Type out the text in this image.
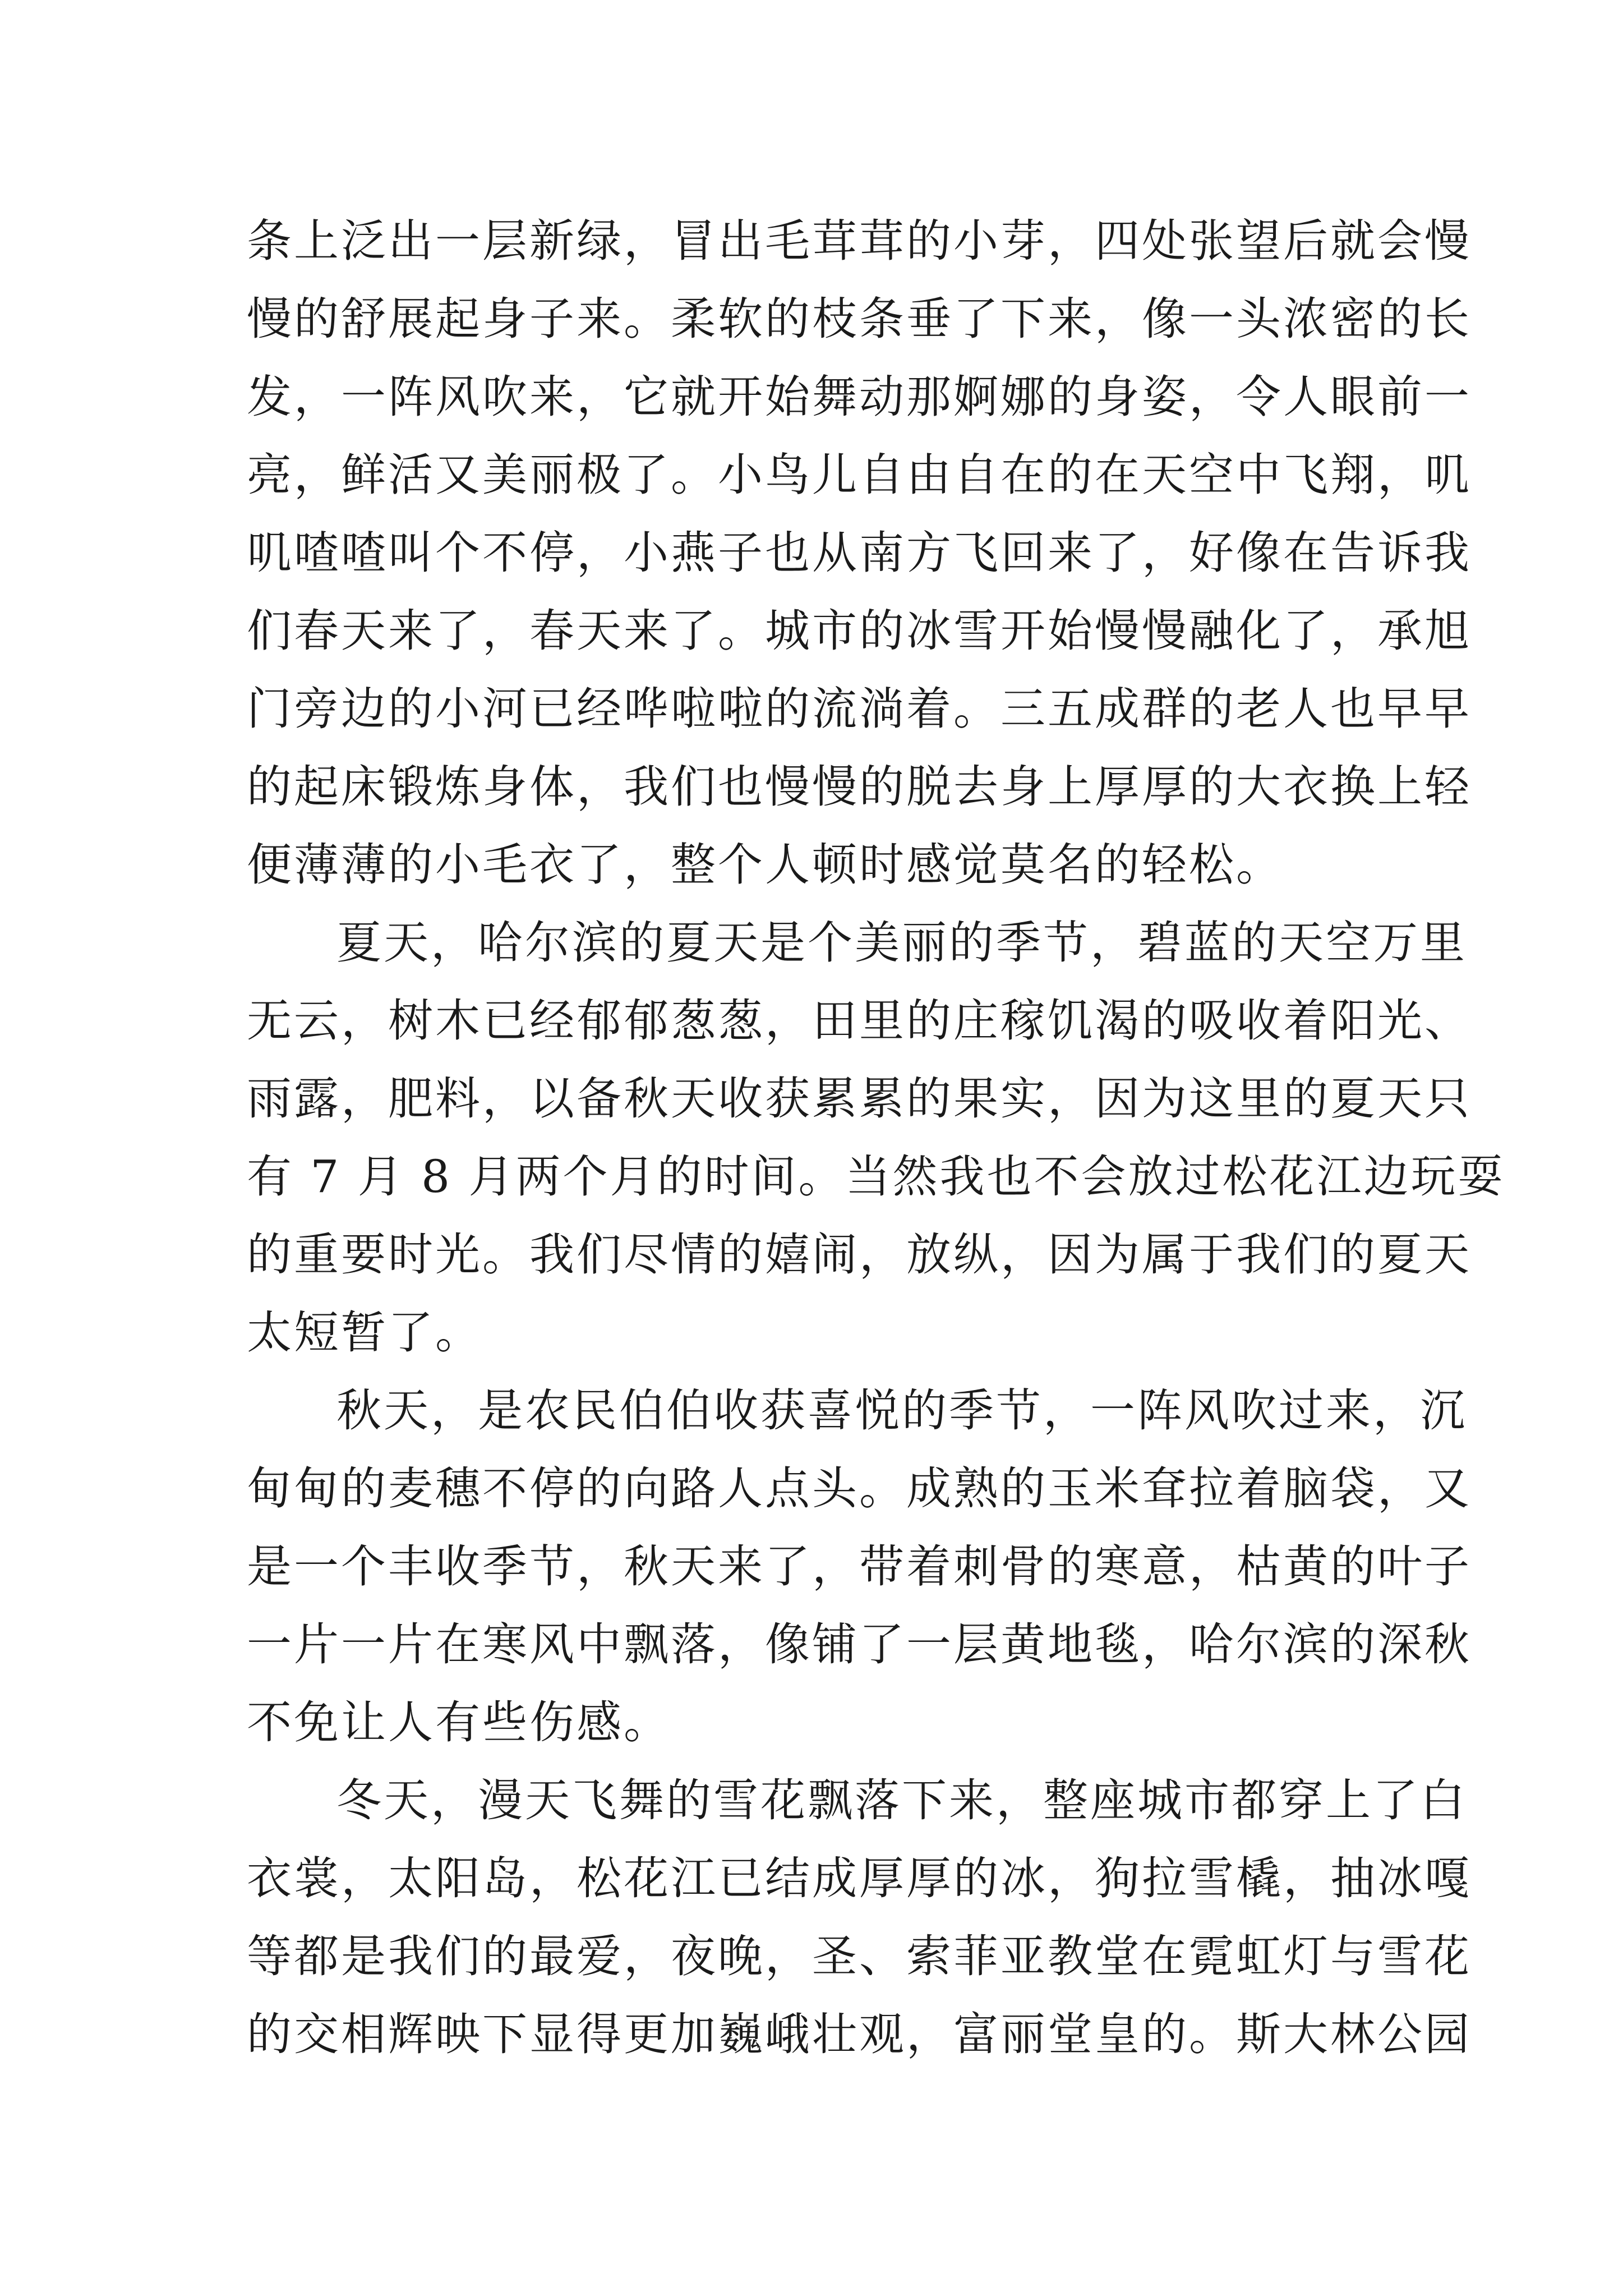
条上泛出一层新绿，冒出毛茸茸的小芽，四处张望后就会慢
慢的舒展起身子来。柔软的枝条垂了下来，像一头浓密的长
发，一阵风吹来，它就开始舞动那婀娜的身姿，令人眼前一
亮，鲜活又美丽极了。小鸟儿自由自在的在天空中飞翔，叽
叽喳喳叫个不停，小燕子也从南方飞回来了，好像在告诉我
们春天来了，春天来了。城市的冰雪开始慢慢融化了，承旭
门旁边的小河已经哗啦啦的流淌着。三五成群的老人也早早
的起床锻炼身体，我们也慢慢的脱去身上厚厚的大衣换上轻
便薄薄的小毛衣了，整个人顿时感觉莫名的轻松。
夏天，哈尔滨的夏天是个美丽的季节，碧蓝的天空万里
无云，树木已经郁郁葱葱，田里的庄稼饥渴的吸收着阳光、
雨露，肥料，以备秋天收获累累的果实，因为这里的夏天只
有 7 月 8 月两个月的时间。当然我也不会放过松花江边玩耍
的重要时光。我们尽情的嬉闹，放纵，因为属于我们的夏天
太短暂了。
秋天，是农民伯伯收获喜悦的季节，一阵风吹过来，沉
甸甸的麦穗不停的向路人点头。成熟的玉米耷拉着脑袋，又
是一个丰收季节，秋天来了，带着刺骨的寒意，枯黄的叶子
一片一片在寒风中飘落，像铺了一层黄地毯，哈尔滨的深秋
不免让人有些伤感。
冬天，漫天飞舞的雪花飘落下来，整座城市都穿上了白
衣裳，太阳岛，松花江已结成厚厚的冰，狗拉雪橇，抽冰嘎
等都是我们的最爱，夜晚，圣、索菲亚教堂在霓虹灯与雪花
的交相辉映下显得更加巍峨壮观，富丽堂皇的。斯大林公园
